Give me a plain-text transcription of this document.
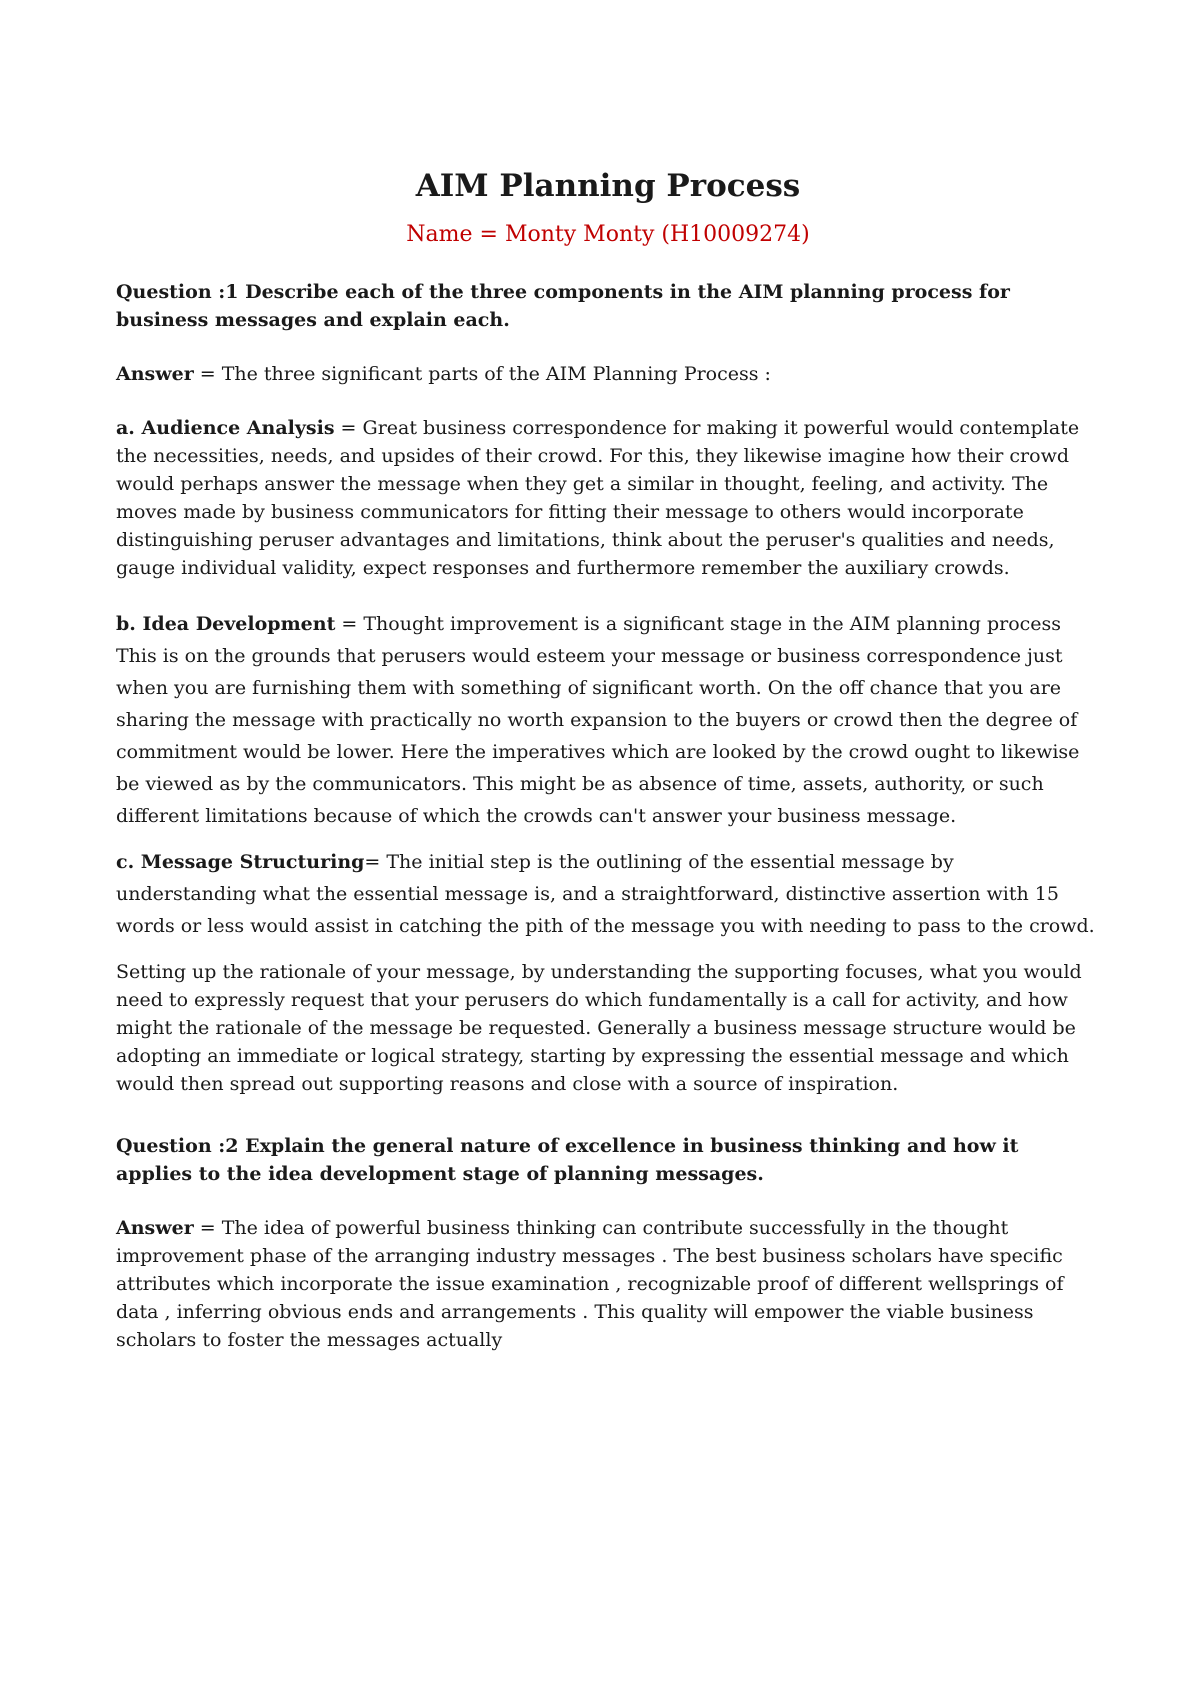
AIM Planning Process

Name = Monty Monty (H10009274)

Question :1 Describe each of the three components in the AIM planning process for business messages and explain each.

Answer = The three significant parts of the AIM Planning Process :

a. Audience Analysis = Great business correspondence for making it powerful would contemplate the necessities, needs, and upsides of their crowd. For this, they likewise imagine how their crowd would perhaps answer the message when they get a similar in thought, feeling, and activity. The moves made by business communicators for fitting their message to others would incorporate distinguishing peruser advantages and limitations, think about the peruser's qualities and needs, gauge individual validity, expect responses and furthermore remember the auxiliary crowds.

b. Idea Development = Thought improvement is a significant stage in the AIM planning process This is on the grounds that perusers would esteem your message or business correspondence just when you are furnishing them with something of significant worth. On the off chance that you are sharing the message with practically no worth expansion to the buyers or crowd then the degree of commitment would be lower. Here the imperatives which are looked by the crowd ought to likewise be viewed as by the communicators. This might be as absence of time, assets, authority, or such different limitations because of which the crowds can't answer your business message.

c. Message Structuring= The initial step is the outlining of the essential message by understanding what the essential message is, and a straightforward, distinctive assertion with 15 words or less would assist in catching the pith of the message you with needing to pass to the crowd.

Setting up the rationale of your message, by understanding the supporting focuses, what you would need to expressly request that your perusers do which fundamentally is a call for activity, and how might the rationale of the message be requested. Generally a business message structure would be adopting an immediate or logical strategy, starting by expressing the essential message and which would then spread out supporting reasons and close with a source of inspiration.

Question :2 Explain the general nature of excellence in business thinking and how it applies to the idea development stage of planning messages.

Answer = The idea of powerful business thinking can contribute successfully in the thought improvement phase of the arranging industry messages . The best business scholars have specific attributes which incorporate the issue examination , recognizable proof of different wellsprings of data , inferring obvious ends and arrangements . This quality will empower the viable business scholars to foster the messages actually
